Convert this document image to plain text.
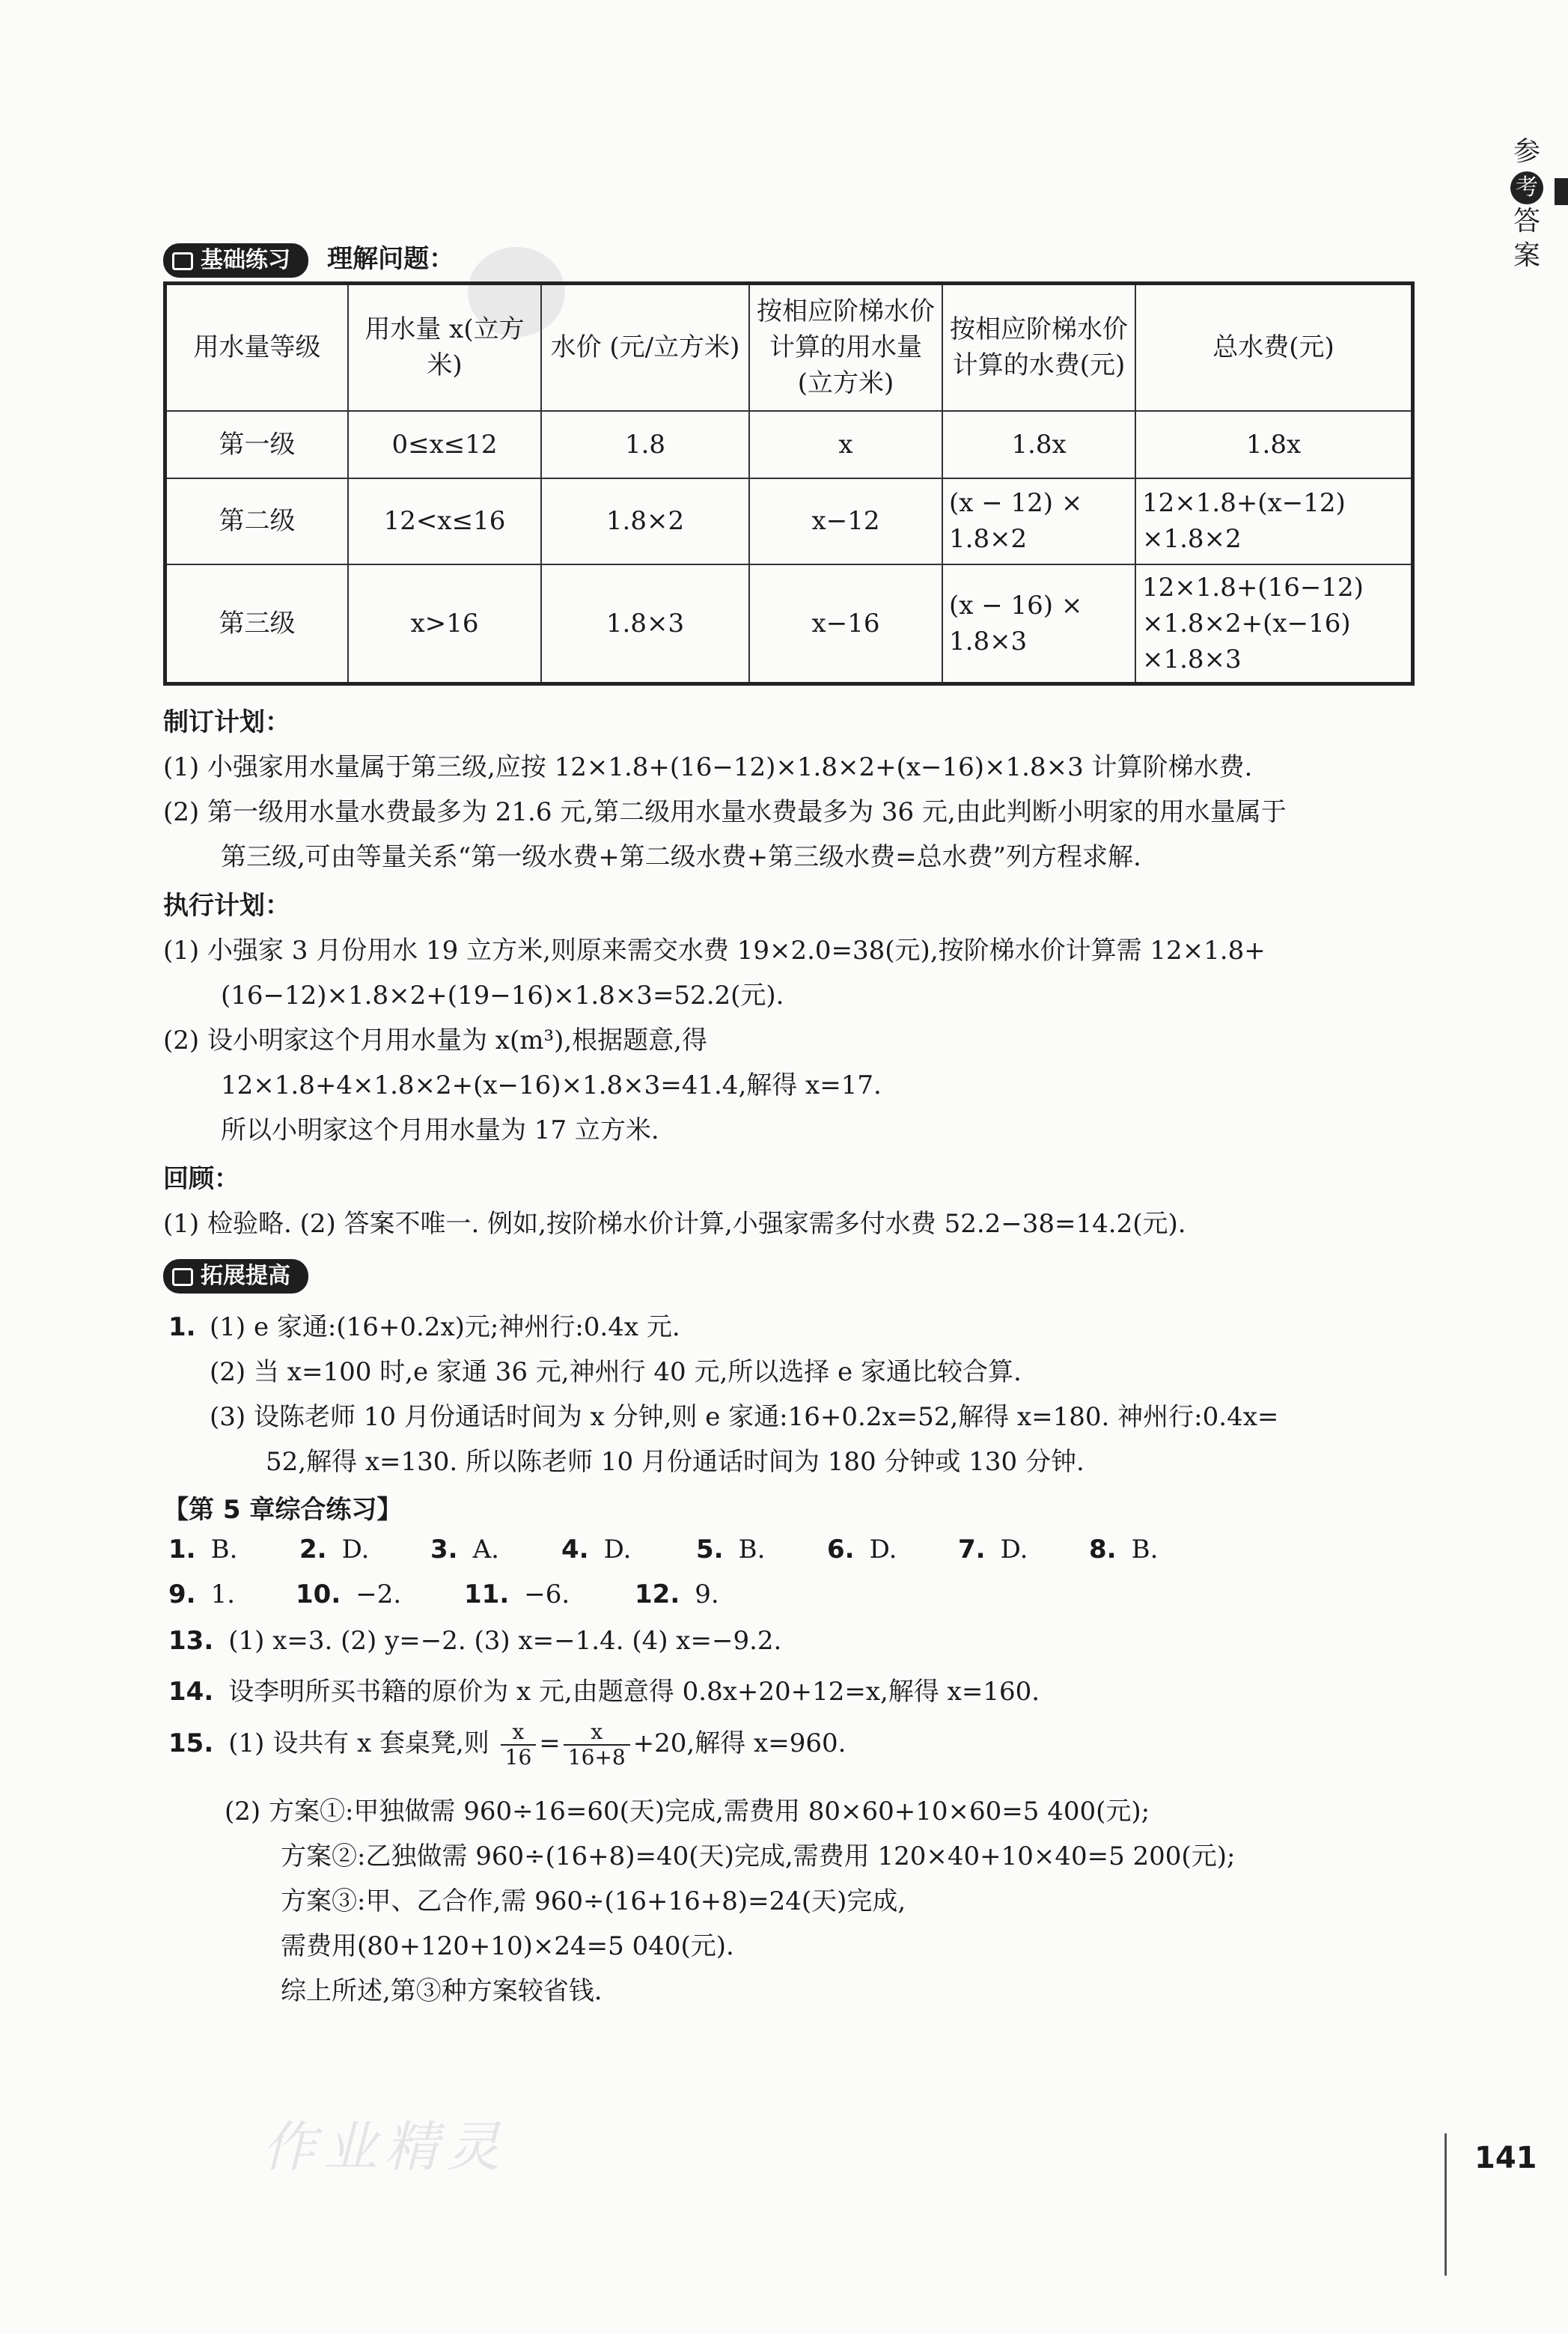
参
考
答
案
基础练习 理解问题：
用水量等级	用水量 x(立方米)	水价 (元/立方米)	按相应阶梯水价计算的用水量(立方米)	按相应阶梯水价计算的水费(元)	总水费(元)
第一级	0≤x≤12	1.8	x	1.8x	1.8x
第二级	12<x≤16	1.8×2	x−12	(x − 12) × 1.8×2	12×1.8+(x−12) ×1.8×2
第三级	x>16	1.8×3	x−16	(x − 16) × 1.8×3	12×1.8+(16−12) ×1.8×2+(x−16) ×1.8×3
制订计划：
(1) 小强家用水量属于第三级,应按 12×1.8+(16−12)×1.8×2+(x−16)×1.8×3 计算阶梯水费.
(2) 第一级用水量水费最多为 21.6 元,第二级用水量水费最多为 36 元,由此判断小明家的用水量属于
第三级,可由等量关系“第一级水费+第二级水费+第三级水费=总水费”列方程求解.
执行计划：
(1) 小强家 3 月份用水 19 立方米,则原来需交水费 19×2.0=38(元),按阶梯水价计算需 12×1.8+
(16−12)×1.8×2+(19−16)×1.8×3=52.2(元).
(2) 设小明家这个月用水量为 x(m³),根据题意,得
12×1.8+4×1.8×2+(x−16)×1.8×3=41.4,解得 x=17.
所以小明家这个月用水量为 17 立方米.
回顾：
(1) 检验略. (2) 答案不唯一. 例如,按阶梯水价计算,小强家需多付水费 52.2−38=14.2(元).
拓展提高
1. (1) e 家通:(16+0.2x)元;神州行:0.4x 元.
(2) 当 x=100 时,e 家通 36 元,神州行 40 元,所以选择 e 家通比较合算.
(3) 设陈老师 10 月份通话时间为 x 分钟,则 e 家通:16+0.2x=52,解得 x=180. 神州行:0.4x=
52,解得 x=130. 所以陈老师 10 月份通话时间为 180 分钟或 130 分钟.
【第 5 章综合练习】
1. B. 2. D. 3. A. 4. D.	5. B. 6. D. 7. D. 8. B.
9. 1. 10. −2. 11. −6.	12. 9.
13. (1) x=3. (2) y=−2. (3) x=−1.4. (4) x=−9.2.
14. 设李明所买书籍的原价为 x 元,由题意得 0.8x+20+12=x,解得 x=160.
15. (1) 设共有 x 套桌凳,则 $\frac{x}{16} = \frac{x}{16+8} +20$,解得 x=960.
(2) 方案①:甲独做需 960÷16=60(天)完成,需费用 80×60+10×60=5 400(元);
方案②:乙独做需 960÷(16+8)=40(天)完成,需费用 120×40+10×40=5 200(元);
方案③:甲、乙合作,需 960÷(16+16+8)=24(天)完成,
需费用(80+120+10)×24=5 040(元).
综上所述,第③种方案较省钱.
作业精灵	141
